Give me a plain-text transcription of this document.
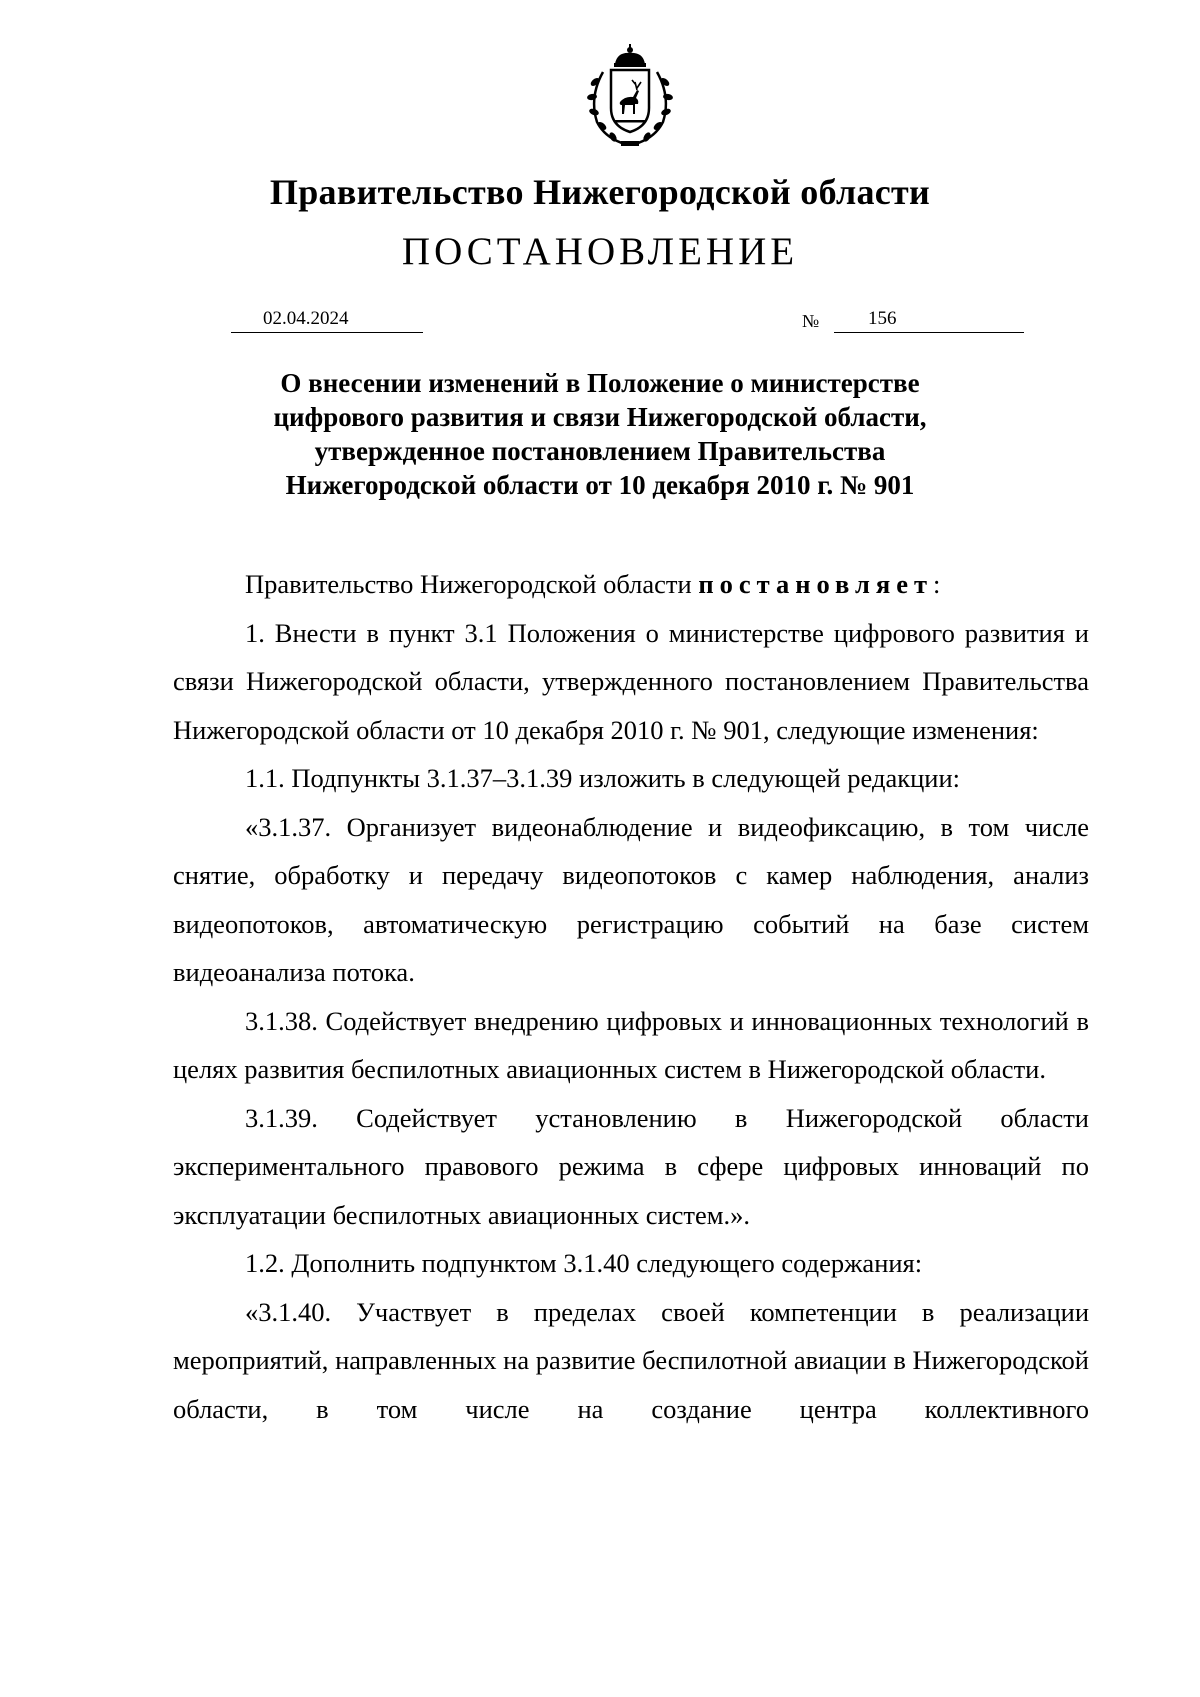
Правительство Нижегородской области
ПОСТАНОВЛЕНИЕ
02.04.2024	№	156
О внесении изменений в Положение о министерстве
цифрового развития и связи Нижегородской области,
утвержденное постановлением Правительства
Нижегородской области от 10 декабря 2010 г. № 901

Правительство Нижегородской области постановляет:

1. Внести в пункт 3.1 Положения о министерстве цифрового развития и связи Нижегородской области, утвержденного постановлением Правительства Нижегородской области от 10 декабря 2010 г. № 901, следующие изменения:

1.1. Подпункты 3.1.37–3.1.39 изложить в следующей редакции:

«3.1.37. Организует видеонаблюдение и видеофиксацию, в том числе снятие, обработку и передачу видеопотоков с камер наблюдения, анализ видеопотоков, автоматическую регистрацию событий на базе систем видеоанализа потока.

3.1.38. Содействует внедрению цифровых и инновационных технологий в целях развития беспилотных авиационных систем в Нижегородской области.

3.1.39. Содействует установлению в Нижегородской области экспериментального правового режима в сфере цифровых инноваций по эксплуатации беспилотных авиационных систем.».

1.2. Дополнить подпунктом 3.1.40 следующего содержания:

«3.1.40. Участвует в пределах своей компетенции в реализации мероприятий, направленных на развитие беспилотной авиации в Нижегородской области, в том числе на создание центра коллективного
